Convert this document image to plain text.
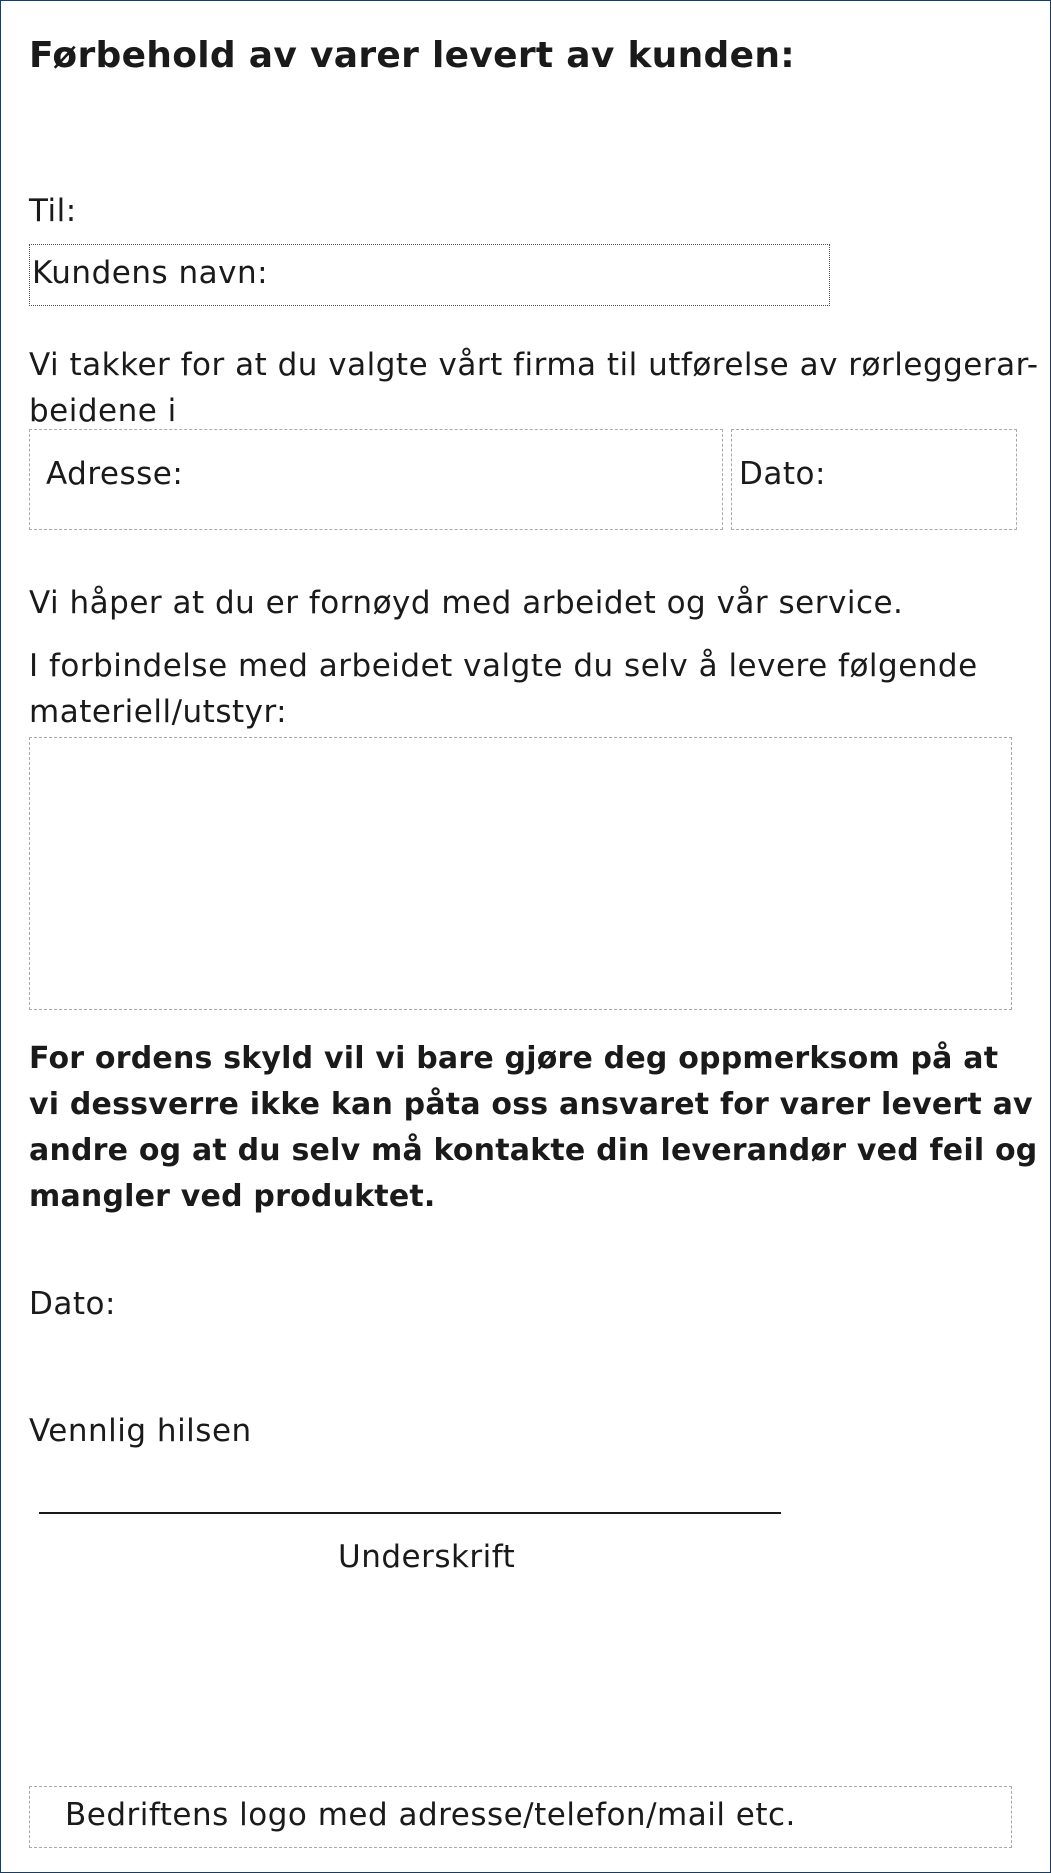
Førbehold av varer levert av kunden:
Til:
Kundens navn:
Vi takker for at du valgte vårt firma til utførelse av rørleggerar-
beidene i
Adresse:	Dato:
Vi håper at du er fornøyd med arbeidet og vår service.
I forbindelse med arbeidet valgte du selv å levere følgende
materiell/utstyr:
For ordens skyld vil vi bare gjøre deg oppmerksom på at
vi dessverre ikke kan påta oss ansvaret for varer levert av
andre og at du selv må kontakte din leverandør ved feil og
mangler ved produktet.
Dato:
Vennlig hilsen
Underskrift
Bedriftens logo med adresse/telefon/mail etc.
